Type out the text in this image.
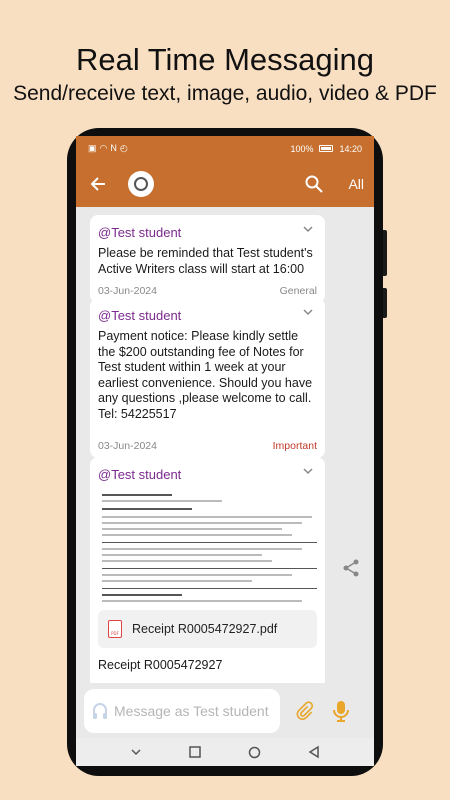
Real Time Messaging
Send/receive text, image, audio, video & PDF
▣ ◠ N ◴	100%	14:20
All
@Test student
Please be reminded that Test student's Active Writers class will start at 16:00
03-Jun-2024	General
@Test student
Payment notice: Please kindly settle the $200 outstanding fee of Notes for Test student within 1 week at your earliest convenience. Should you have any questions ,please welcome to call. Tel: 54225517
03-Jun-2024	Important
@Test student
PDF
Receipt R0005472927.pdf
Receipt R0005472927
Message as Test student
